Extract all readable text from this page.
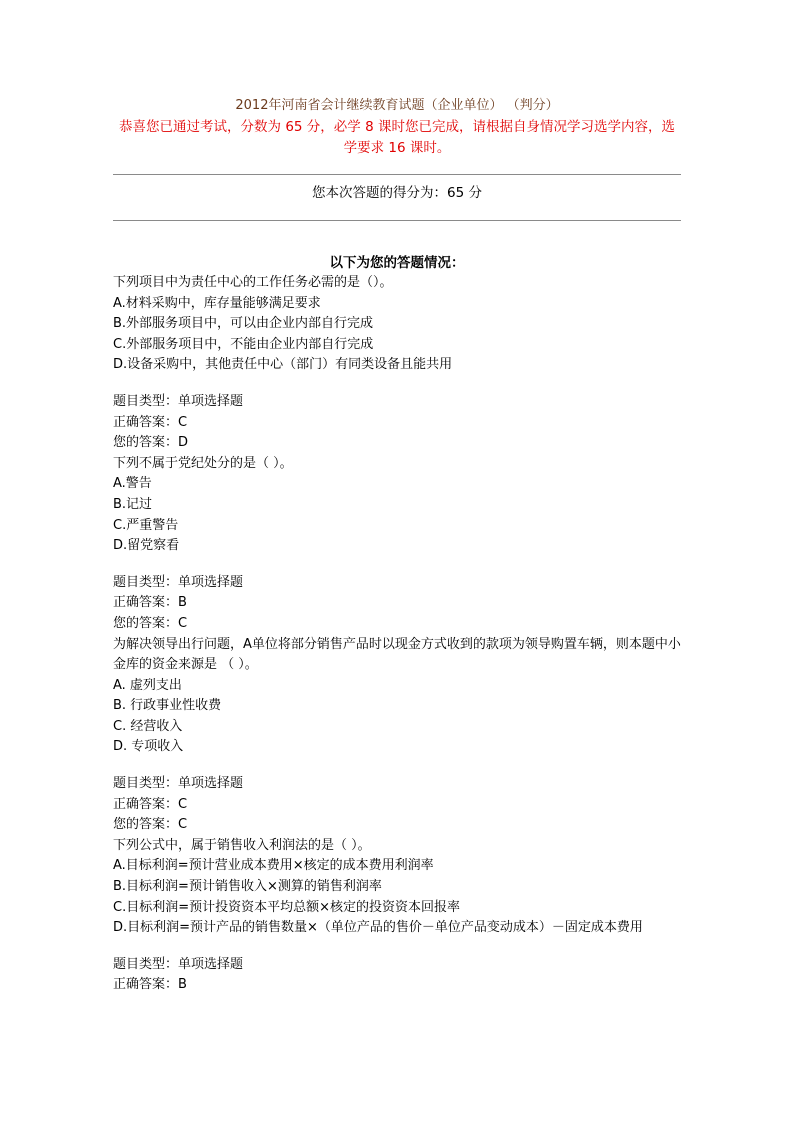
2012年河南省会计继续教育试题（企业单位） （判分）

恭喜您已通过考试，分数为 65 分，必学 8 课时您已完成，请根据自身情况学习选学内容，选学要求 16 课时。

您本次答题的得分为：65 分

以下为您的答题情况：

下列项目中为责任中心的工作任务必需的是（）。

A.材料采购中，库存量能够满足要求

B.外部服务项目中，可以由企业内部自行完成

C.外部服务项目中，不能由企业内部自行完成

D.设备采购中，其他责任中心（部门）有同类设备且能共用

题目类型：单项选择题

正确答案：C

您的答案：D

下列不属于党纪处分的是（ ）。

A.警告

B.记过

C.严重警告

D.留党察看

题目类型：单项选择题

正确答案：B

您的答案：C

为解决领导出行问题，A单位将部分销售产品时以现金方式收到的款项为领导购置车辆，则本题中小金库的资金来源是 （ ）。

A. 虚列支出

B. 行政事业性收费

C. 经营收入

D. 专项收入

题目类型：单项选择题

正确答案：C

您的答案：C

下列公式中，属于销售收入利润法的是（ ）。

A.目标利润=预计营业成本费用×核定的成本费用利润率

B.目标利润=预计销售收入×测算的销售利润率

C.目标利润=预计投资资本平均总额×核定的投资资本回报率

D.目标利润=预计产品的销售数量×（单位产品的售价－单位产品变动成本）－固定成本费用

题目类型：单项选择题

正确答案：B
